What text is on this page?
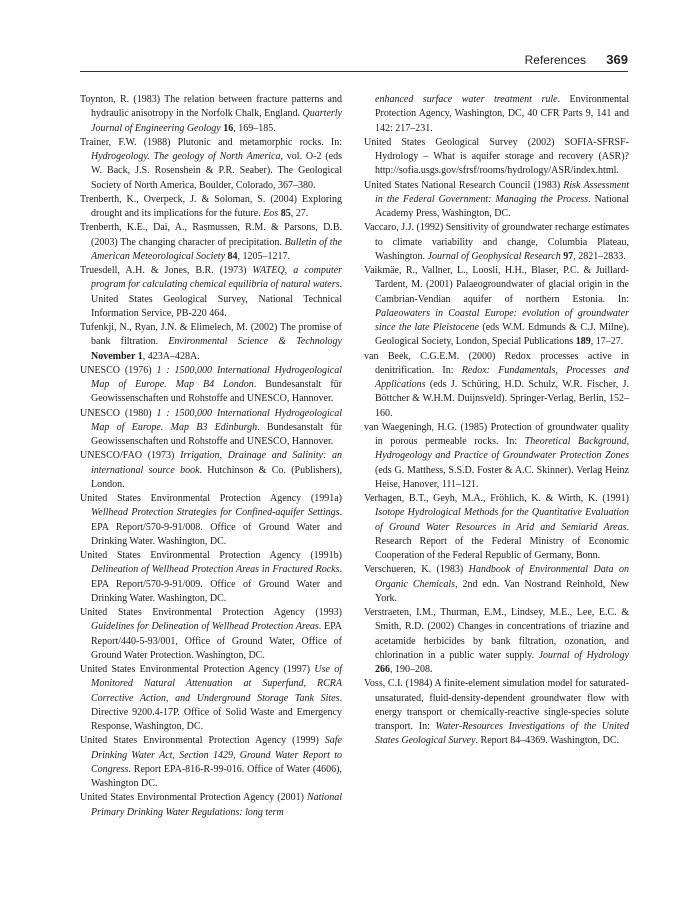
References 369

Toynton, R. (1983) The relation between fracture patterns and hydraulic anisotropy in the Norfolk Chalk, England. Quarterly Journal of Engineering Geology 16, 169–185.

Trainer, F.W. (1988) Plutonic and metamorphic rocks. In: Hydrogeology. The geology of North America, vol. O-2 (eds W. Back, J.S. Rosenshein & P.R. Seaber). The Geological Society of North America, Boulder, Colorado, 367–380.

Trenberth, K., Overpeck, J. & Soloman, S. (2004) Exploring drought and its implications for the future. Eos 85, 27.

Trenberth, K.E., Dai, A., Rasmussen, R.M. & Parsons, D.B. (2003) The changing character of precipitation. Bulletin of the American Meteorological Society 84, 1205–1217.

Truesdell, A.H. & Jones, B.R. (1973) WATEQ, a computer program for calculating chemical equilibria of natural waters. United States Geological Survey, National Technical Information Service, PB-220 464.

Tufenkji, N., Ryan, J.N. & Elimelech, M. (2002) The promise of bank filtration. Environmental Science & Technology November 1, 423A–428A.

UNESCO (1976) 1 : 1500,000 International Hydrogeological Map of Europe. Map B4 London. Bundesanstalt für Geowissenschaften und Rohstoffe and UNESCO, Hannover.

UNESCO (1980) 1 : 1500,000 International Hydrogeological Map of Europe. Map B3 Edinburgh. Bundesanstalt für Geowissenschaften und Rohstoffe and UNESCO, Hannover.

UNESCO/FAO (1973) Irrigation, Drainage and Salinity: an international source book. Hutchinson & Co. (Publishers), London.

United States Environmental Protection Agency (1991a) Wellhead Protection Strategies for Confined-aquifer Settings. EPA Report/570-9-91/008. Office of Ground Water and Drinking Water. Washington, DC.

United States Environmental Protection Agency (1991b) Delineation of Wellhead Protection Areas in Fractured Rocks. EPA Report/570-9-91/009. Office of Ground Water and Drinking Water. Washington, DC.

United States Environmental Protection Agency (1993) Guidelines for Delineation of Wellhead Protection Areas. EPA Report/440-5-93/001, Office of Ground Water, Office of Ground Water Protection. Washington, DC.

United States Environmental Protection Agency (1997) Use of Monitored Natural Attenuation at Superfund, RCRA Corrective Action, and Underground Storage Tank Sites. Directive 9200.4-17P. Office of Solid Waste and Emergency Response, Washington, DC.

United States Environmental Protection Agency (1999) Safe Drinking Water Act, Section 1429, Ground Water Report to Congress. Report EPA-816-R-99-016. Office of Water (4606), Washington DC.

United States Environmental Protection Agency (2001) National Primary Drinking Water Regulations: long term

enhanced surface water treatment rule. Environmental Protection Agency, Washington, DC, 40 CFR Parts 9, 141 and 142: 217–231.

United States Geological Survey (2002) SOFIA-SFRSF-Hydrology – What is aquifer storage and recovery (ASR)? http://sofia.usgs.gov/sfrsf/rooms/hydrology/ASR/index.html.

United States National Research Council (1983) Risk Assessment in the Federal Government: Managing the Process. National Academy Press, Washington, DC.

Vaccaro, J.J. (1992) Sensitivity of groundwater recharge estimates to climate variability and change, Columbia Plateau, Washington. Journal of Geophysical Research 97, 2821–2833.

Vaikmäe, R., Vallner, L., Loosli, H.H., Blaser, P.C. & Juillard-Tardent, M. (2001) Palaeogroundwater of glacial origin in the Cambrian-Vendian aquifer of northern Estonia. In: Palaeowaters in Coastal Europe: evolution of groundwater since the late Pleistocene (eds W.M. Edmunds & C.J. Milne). Geological Society, London, Special Publications 189, 17–27.

van Beek, C.G.E.M. (2000) Redox processes active in denitrification. In: Redox: Fundamentals, Processes and Applications (eds J. Schüring, H.D. Schulz, W.R. Fischer, J. Böttcher & W.H.M. Duijnsveld). Springer-Verlag, Berlin, 152–160.

van Waegeningh, H.G. (1985) Protection of groundwater quality in porous permeable rocks. In: Theoretical Background, Hydrogeology and Practice of Groundwater Protection Zones (eds G. Matthess, S.S.D. Foster & A.C. Skinner). Verlag Heinz Heise, Hanover, 111–121.

Verhagen, B.T., Geyh, M.A., Fröhlich, K. & Wirth, K. (1991) Isotope Hydrological Methods for the Quantitative Evaluation of Ground Water Resources in Arid and Semiarid Areas. Research Report of the Federal Ministry of Economic Cooperation of the Federal Republic of Germany, Bonn.

Verschueren, K. (1983) Handbook of Environmental Data on Organic Chemicals, 2nd edn. Van Nostrand Reinhold, New York.

Verstraeten, I.M., Thurman, E.M., Lindsey, M.E., Lee, E.C. & Smith, R.D. (2002) Changes in concentrations of triazine and acetamide herbicides by bank filtration, ozonation, and chlorination in a public water supply. Journal of Hydrology 266, 190–208.

Voss, C.I. (1984) A finite-element simulation model for saturated-unsaturated, fluid-density-dependent groundwater flow with energy transport or chemically-reactive single-species solute transport. In: Water-Resources Investigations of the United States Geological Survey. Report 84–4369. Washington, DC.
